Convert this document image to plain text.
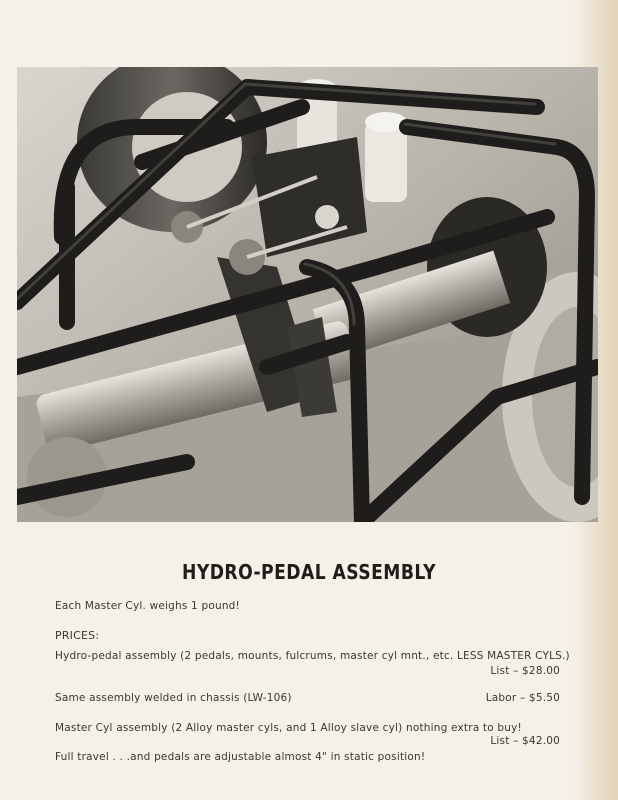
HYDRO-PEDAL ASSEMBLY
Each Master Cyl. weighs 1 pound!
PRICES:
Hydro-pedal assembly (2 pedals, mounts, fulcrums, master cyl mnt., etc. LESS MASTER CYLS.)
List – $28.00
Same assembly welded in chassis (LW-106)	Labor – $5.50
Master Cyl assembly (2 Alloy master cyls, and 1 Alloy slave cyl) nothing extra to buy!
List – $42.00
Full travel . . .and pedals are adjustable almost 4" in static position!
